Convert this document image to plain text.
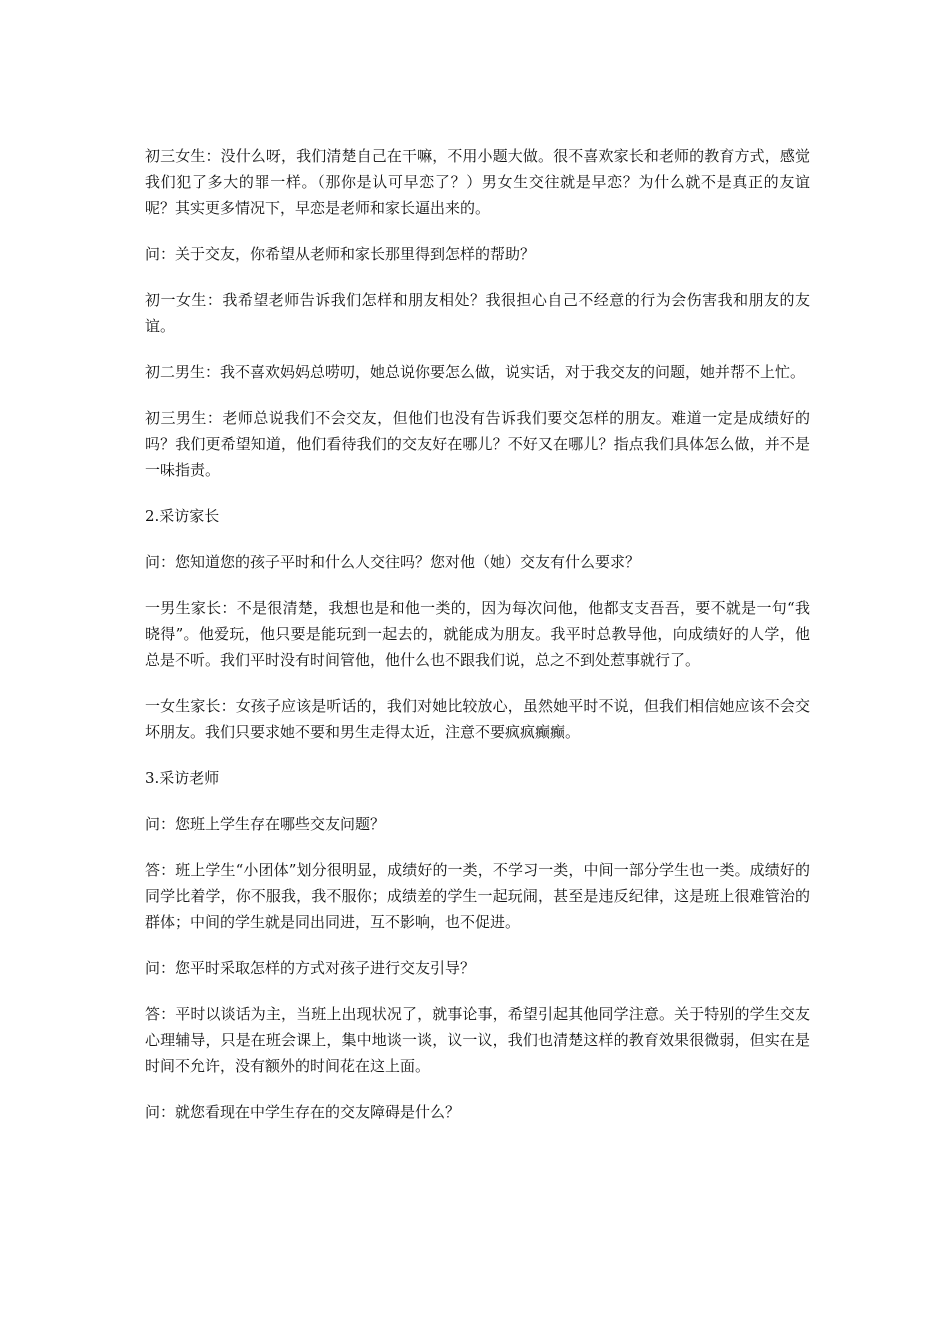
初三女生：没什么呀，我们清楚自己在干嘛，不用小题大做。很不喜欢家长和老师的教育方式，感觉我们犯了多大的罪一样。（那你是认可早恋了？）男女生交往就是早恋？为什么就不是真正的友谊呢？其实更多情况下，早恋是老师和家长逼出来的。

问：关于交友，你希望从老师和家长那里得到怎样的帮助？

初一女生：我希望老师告诉我们怎样和朋友相处？我很担心自己不经意的行为会伤害我和朋友的友谊。

初二男生：我不喜欢妈妈总唠叨，她总说你要怎么做，说实话，对于我交友的问题，她并帮不上忙。

初三男生：老师总说我们不会交友，但他们也没有告诉我们要交怎样的朋友。难道一定是成绩好的吗？我们更希望知道，他们看待我们的交友好在哪儿？不好又在哪儿？指点我们具体怎么做，并不是一味指责。

2.采访家长

问：您知道您的孩子平时和什么人交往吗？您对他（她）交友有什么要求？

一男生家长：不是很清楚，我想也是和他一类的，因为每次问他，他都支支吾吾，要不就是一句“我晓得”。他爱玩，他只要是能玩到一起去的，就能成为朋友。我平时总教导他，向成绩好的人学，他总是不听。我们平时没有时间管他，他什么也不跟我们说，总之不到处惹事就行了。

一女生家长：女孩子应该是听话的，我们对她比较放心，虽然她平时不说，但我们相信她应该不会交坏朋友。我们只要求她不要和男生走得太近，注意不要疯疯癫癫。

3.采访老师

问：您班上学生存在哪些交友问题？

答：班上学生“小团体”划分很明显，成绩好的一类，不学习一类，中间一部分学生也一类。成绩好的同学比着学，你不服我，我不服你；成绩差的学生一起玩闹，甚至是违反纪律，这是班上很难管治的群体；中间的学生就是同出同进，互不影响，也不促进。

问：您平时采取怎样的方式对孩子进行交友引导？

答：平时以谈话为主，当班上出现状况了，就事论事，希望引起其他同学注意。关于特别的学生交友心理辅导，只是在班会课上，集中地谈一谈，议一议，我们也清楚这样的教育效果很微弱，但实在是时间不允许，没有额外的时间花在这上面。

问：就您看现在中学生存在的交友障碍是什么？
